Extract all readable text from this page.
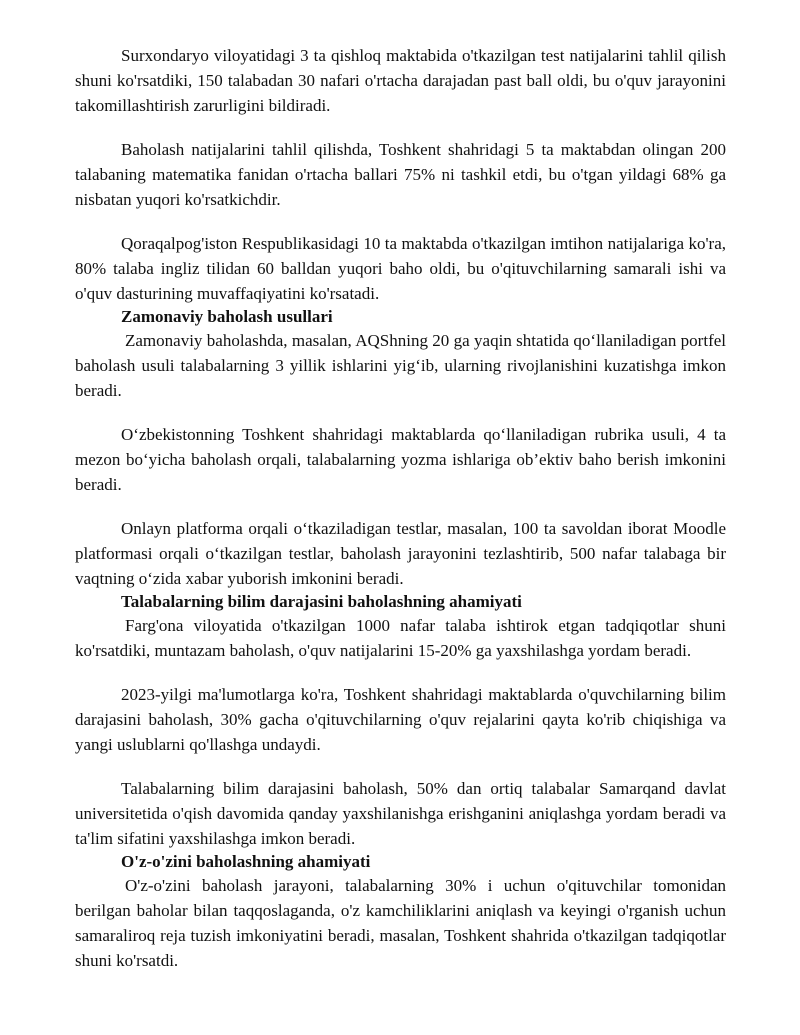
Surxondaryo viloyatidagi 3 ta qishloq maktabida o'tkazilgan test natijalarini tahlil qilish shuni ko'rsatdiki, 150 talabadan 30 nafari o'rtacha darajadan past ball oldi, bu o'quv jarayonini takomillashtirish zarurligini bildiradi.

Baholash natijalarini tahlil qilishda, Toshkent shahridagi 5 ta maktabdan olingan 200 talabaning matematika fanidan o'rtacha ballari 75% ni tashkil etdi, bu o'tgan yildagi 68% ga nisbatan yuqori ko'rsatkichdir.

Qoraqalpog'iston Respublikasidagi 10 ta maktabda o'tkazilgan imtihon natijalariga ko'ra, 80% talaba ingliz tilidan 60 balldan yuqori baho oldi, bu o'qituvchilarning samarali ishi va o'quv dasturining muvaffaqiyatini ko'rsatadi.

Zamonaviy baholash usullari

Zamonaviy baholashda, masalan, AQShning 20 ga yaqin shtatida qo‘llaniladigan portfel baholash usuli talabalarning 3 yillik ishlarini yig‘ib, ularning rivojlanishini kuzatishga imkon beradi.

O‘zbekistonning Toshkent shahridagi maktablarda qo‘llaniladigan rubrika usuli, 4 ta mezon bo‘yicha baholash orqali, talabalarning yozma ishlariga ob’ektiv baho berish imkonini beradi.

Onlayn platforma orqali o‘tkaziladigan testlar, masalan, 100 ta savoldan iborat Moodle platformasi orqali o‘tkazilgan testlar, baholash jarayonini tezlashtirib, 500 nafar talabaga bir vaqtning o‘zida xabar yuborish imkonini beradi.

Talabalarning bilim darajasini baholashning ahamiyati

Farg'ona viloyatida o'tkazilgan 1000 nafar talaba ishtirok etgan tadqiqotlar shuni ko'rsatdiki, muntazam baholash, o'quv natijalarini 15-20% ga yaxshilashga yordam beradi.

2023-yilgi ma'lumotlarga ko'ra, Toshkent shahridagi maktablarda o'quvchilarning bilim darajasini baholash, 30% gacha o'qituvchilarning o'quv rejalarini qayta ko'rib chiqishiga va yangi uslublarni qo'llashga undaydi.

Talabalarning bilim darajasini baholash, 50% dan ortiq talabalar Samarqand davlat universitetida o'qish davomida qanday yaxshilanishga erishganini aniqlashga yordam beradi va ta'lim sifatini yaxshilashga imkon beradi.

O'z-o'zini baholashning ahamiyati

O'z-o'zini baholash jarayoni, talabalarning 30% i uchun o'qituvchilar tomonidan berilgan baholar bilan taqqoslaganda, o'z kamchiliklarini aniqlash va keyingi o'rganish uchun samaraliroq reja tuzish imkoniyatini beradi, masalan, Toshkent shahrida o'tkazilgan tadqiqotlar shuni ko'rsatdi.
